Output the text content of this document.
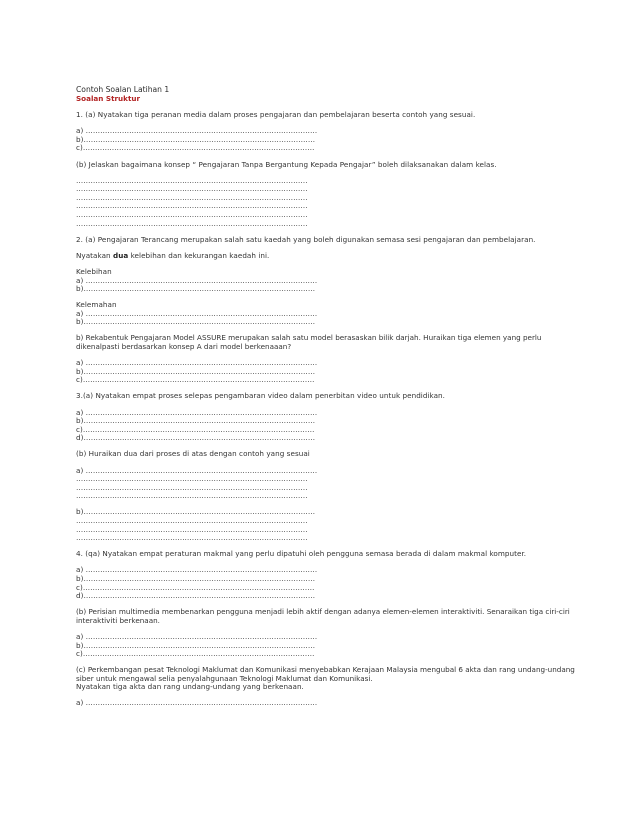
Contoh Soalan Latihan 1
Soalan Struktur
1. (a) Nyatakan tiga peranan media dalam proses pengajaran dan pembelajaran beserta contoh yang sesuai.
a) ……………………………………………………………………………………
b)……………………………………………………………………………………
c)……………………………………………………………………………………
(b) Jelaskan bagaimana konsep “ Pengajaran Tanpa Bergantung Kepada Pengajar” boleh dilaksanakan dalam kelas.
……………………………………………………………………………………
……………………………………………………………………………………
……………………………………………………………………………………
……………………………………………………………………………………
……………………………………………………………………………………
……………………………………………………………………………………
2. (a) Pengajaran Terancang merupakan salah satu kaedah yang boleh digunakan semasa sesi pengajaran dan pembelajaran.
Nyatakan dua kelebihan dan kekurangan kaedah ini.
Kelebihan
a) ……………………………………………………………………………………
b)……………………………………………………………………………………
Kelemahan
a) ……………………………………………………………………………………
b)……………………………………………………………………………………
b) Rekabentuk Pengajaran Model ASSURE merupakan salah satu model berasaskan bilik darjah. Huraikan tiga elemen yang perlu dikenalpasti berdasarkan konsep A dari model berkenaaan?
a) ……………………………………………………………………………………
b)……………………………………………………………………………………
c)……………………………………………………………………………………
3.(a) Nyatakan empat proses selepas pengambaran video dalam penerbitan video untuk pendidikan.
a) ……………………………………………………………………………………
b)……………………………………………………………………………………
c)……………………………………………………………………………………
d)……………………………………………………………………………………
(b) Huraikan dua dari proses di atas dengan contoh yang sesuai
a) ……………………………………………………………………………………
……………………………………………………………………………………
……………………………………………………………………………………
……………………………………………………………………………………
b)……………………………………………………………………………………
……………………………………………………………………………………
……………………………………………………………………………………
……………………………………………………………………………………
4. (qa) Nyatakan empat peraturan makmal yang perlu dipatuhi oleh pengguna semasa berada di dalam makmal komputer.
a) ……………………………………………………………………………………
b)……………………………………………………………………………………
c)……………………………………………………………………………………
d)……………………………………………………………………………………
(b) Perisian multimedia membenarkan pengguna menjadi lebih aktif dengan adanya elemen-elemen interaktiviti. Senaraikan tiga ciri-ciri interaktiviti berkenaan.
a) ……………………………………………………………………………………
b)……………………………………………………………………………………
c)……………………………………………………………………………………
(c) Perkembangan pesat Teknologi Maklumat dan Komunikasi menyebabkan Kerajaan Malaysia mengubal 6 akta dan rang undang-undang siber untuk mengawal selia penyalahgunaan Teknologi Maklumat dan Komunikasi.
Nyatakan tiga akta dan rang undang-undang yang berkenaan.
a) ……………………………………………………………………………………
